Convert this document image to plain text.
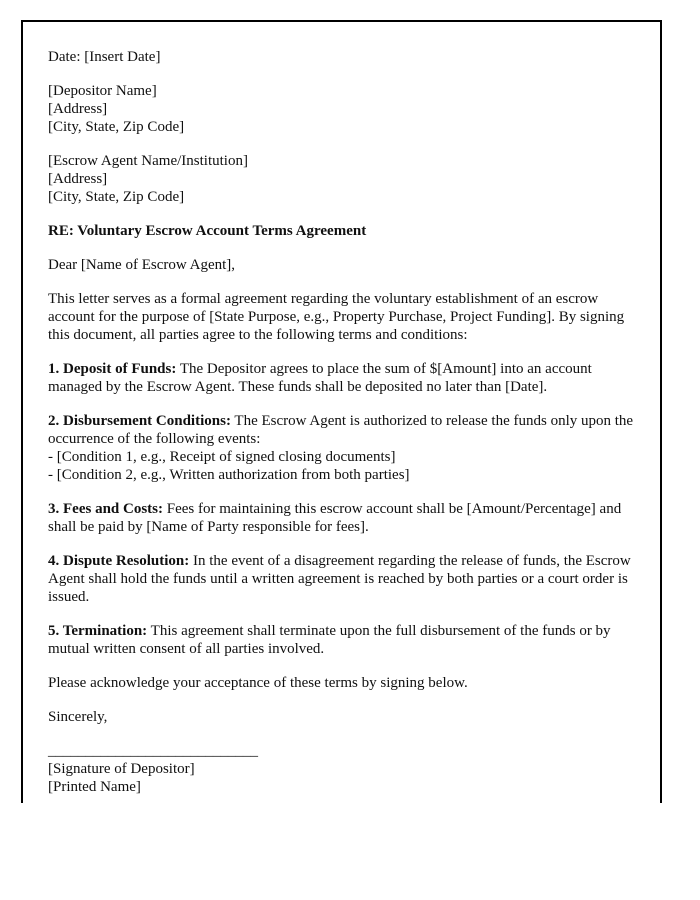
Date: [Insert Date]

[Depositor Name]
[Address]
[City, State, Zip Code]

[Escrow Agent Name/Institution]
[Address]
[City, State, Zip Code]

RE: Voluntary Escrow Account Terms Agreement

Dear [Name of Escrow Agent],

This letter serves as a formal agreement regarding the voluntary establishment of an escrow account for the purpose of [State Purpose, e.g., Property Purchase, Project Funding]. By signing this document, all parties agree to the following terms and conditions:

1. Deposit of Funds: The Depositor agrees to place the sum of $[Amount] into an account managed by the Escrow Agent. These funds shall be deposited no later than [Date].

2. Disbursement Conditions: The Escrow Agent is authorized to release the funds only upon the occurrence of the following events:
- [Condition 1, e.g., Receipt of signed closing documents]
- [Condition 2, e.g., Written authorization from both parties]

3. Fees and Costs: Fees for maintaining this escrow account shall be [Amount/Percentage] and shall be paid by [Name of Party responsible for fees].

4. Dispute Resolution: In the event of a disagreement regarding the release of funds, the Escrow Agent shall hold the funds until a written agreement is reached by both parties or a court order is issued.

5. Termination: This agreement shall terminate upon the full disbursement of the funds or by mutual written consent of all parties involved.

Please acknowledge your acceptance of these terms by signing below.

Sincerely,

____________________________
[Signature of Depositor]
[Printed Name]
